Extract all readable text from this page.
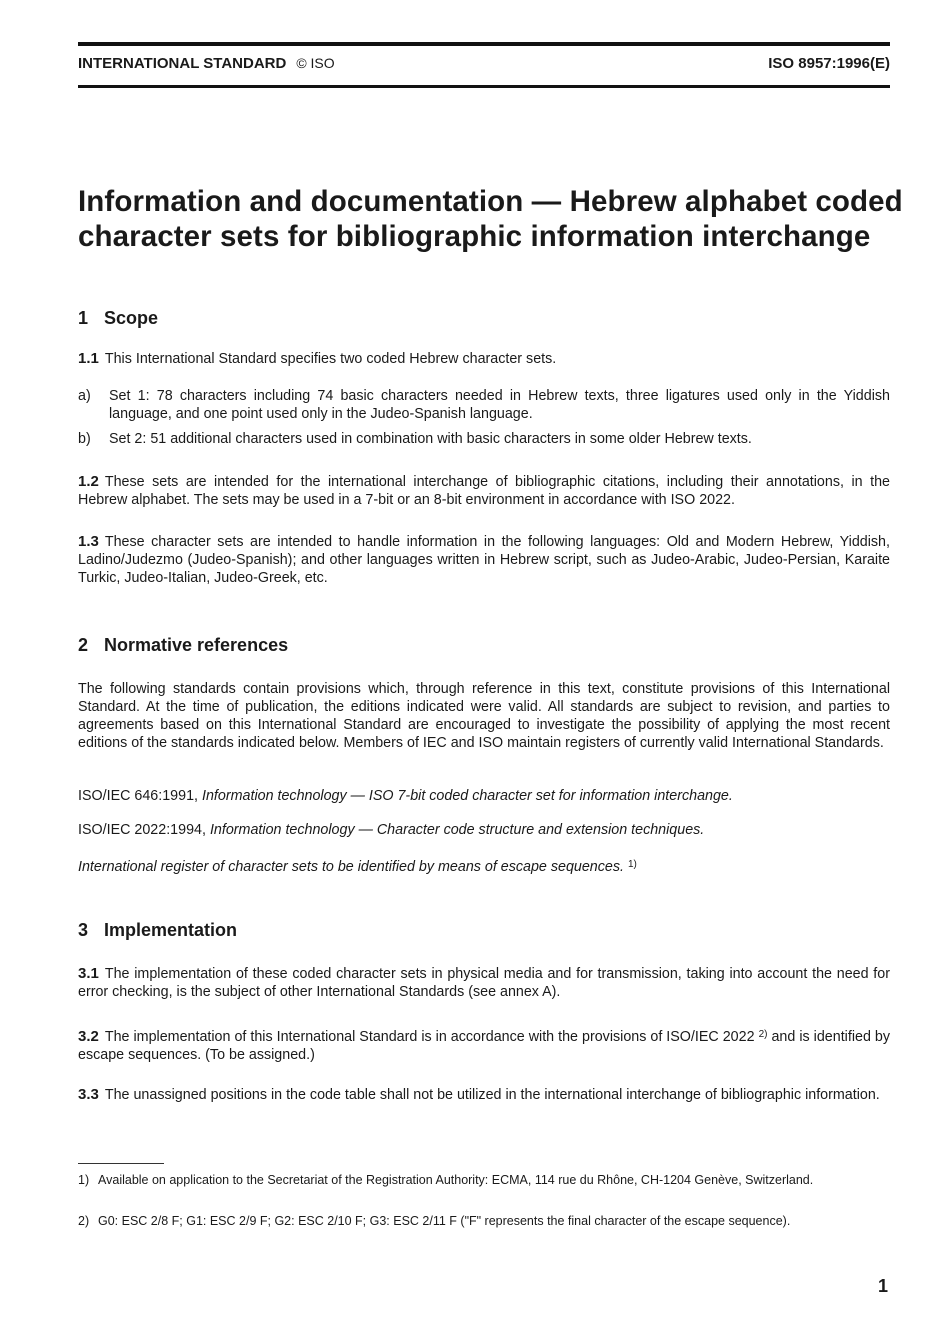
INTERNATIONAL STANDARD © ISO	ISO 8957:1996(E)
Information and documentation — Hebrew alphabet coded character sets for bibliographic information interchange
1 Scope
1.1 This International Standard specifies two coded Hebrew character sets.
a) Set 1: 78 characters including 74 basic characters needed in Hebrew texts, three ligatures used only in the Yiddish language, and one point used only in the Judeo-Spanish language.
b) Set 2: 51 additional characters used in combination with basic characters in some older Hebrew texts.
1.2 These sets are intended for the international interchange of bibliographic citations, including their annotations, in the Hebrew alphabet. The sets may be used in a 7-bit or an 8-bit environment in accordance with ISO 2022.
1.3 These character sets are intended to handle information in the following languages: Old and Modern Hebrew, Yiddish, Ladino/Judezmo (Judeo-Spanish); and other languages written in Hebrew script, such as Judeo-Arabic, Judeo-Persian, Karaite Turkic, Judeo-Italian, Judeo-Greek, etc.
2 Normative references
The following standards contain provisions which, through reference in this text, constitute provisions of this International Standard. At the time of publication, the editions indicated were valid. All standards are subject to revision, and parties to agreements based on this International Standard are encouraged to investigate the possibility of applying the most recent editions of the standards indicated below. Members of IEC and ISO maintain registers of currently valid International Standards.
ISO/IEC 646:1991, Information technology — ISO 7-bit coded character set for information interchange.
ISO/IEC 2022:1994, Information technology — Character code structure and extension techniques.
International register of character sets to be identified by means of escape sequences. $^{1)}$
3 Implementation
3.1 The implementation of these coded character sets in physical media and for transmission, taking into account the need for error checking, is the subject of other International Standards (see annex A).
3.2 The implementation of this International Standard is in accordance with the provisions of ISO/IEC 2022 $^{2)}$ and is identified by escape sequences. (To be assigned.)
3.3 The unassigned positions in the code table shall not be utilized in the international interchange of bibliographic information.
1) Available on application to the Secretariat of the Registration Authority: ECMA, 114 rue du Rhône, CH-1204 Genève, Switzerland.
2) G0: ESC 2/8 F; G1: ESC 2/9 F; G2: ESC 2/10 F; G3: ESC 2/11 F ("F" represents the final character of the escape sequence).
1
